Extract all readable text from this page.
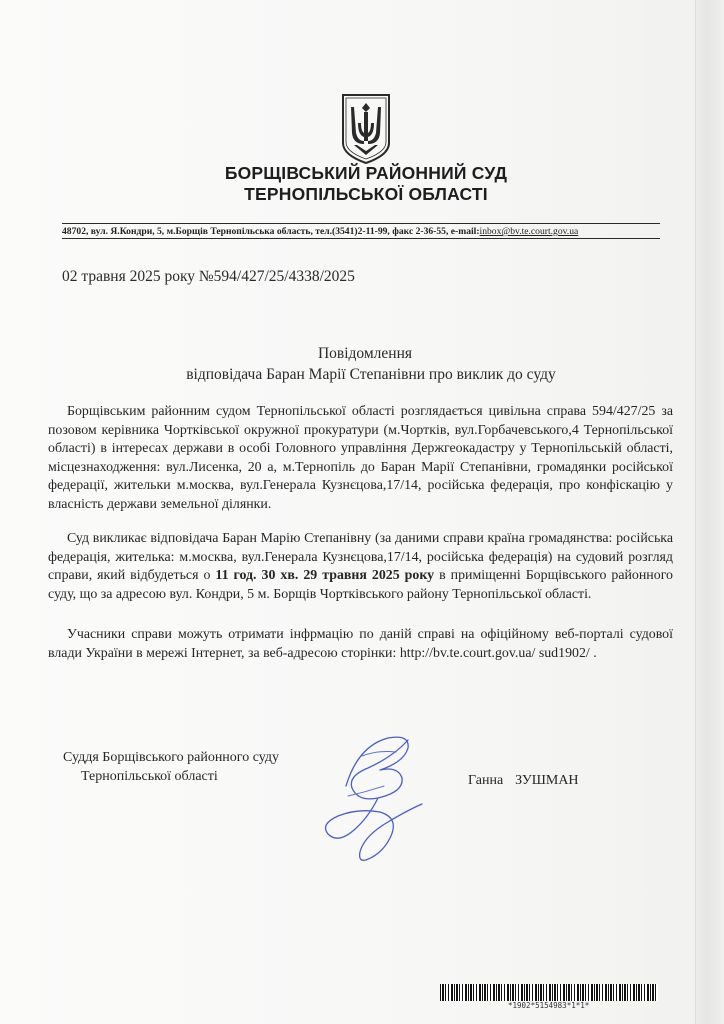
БОРЩІВСЬКИЙ РАЙОННИЙ СУД
ТЕРНОПІЛЬСЬКОЇ ОБЛАСТІ
48702, вул. Я.Кондри, 5, м.Борщів Тернопільська область, тел.(3541)2-11-99, факс 2-36-55, e-mail:inbox@bv.te.court.gov.ua
02 травня 2025 року №594/427/25/4338/2025
Повідомлення
відповідача Баран Марії Степанівни про виклик до суду
Борщівським районним судом Тернопільської області розглядається цивільна справа 594/427/25 за позовом керівника Чортківської окружної прокуратури (м.Чортків, вул.Горбачевського,4 Тернопільської області) в інтересах держави в особі Головного управління Держгеокадастру у Тернопільській області, місцезнаходження: вул.Лисенка, 20 а, м.Тернопіль до Баран Марії Степанівни, громадянки російської федерації, жительки м.москва, вул.Генерала Кузнєцова,17/14, російська федерація, про конфіскацію у власність держави земельної ділянки.
Суд викликає відповідача Баран Марію Степанівну (за даними справи країна громадянства: російська федерація, жителька: м.москва, вул.Генерала Кузнєцова,17/14, російська федерація) на судовий розгляд справи, який відбудеться о 11 год. 30 хв. 29 травня 2025 року в приміщенні Борщівського районного суду, що за адресою вул. Кондри, 5 м. Борщів Чортківського району Тернопільської області.
Учасники справи можуть отримати інфрмацію по даній справі на офіційному веб-порталі судової влади України в мережі Інтернет, за веб-адресою сторінки: http://bv.te.court.gov.ua/ sud1902/ .
Суддя Борщівського районного суду
Тернопільської області	Ганна ЗУШМАН
*1902*5154983*1*1*
